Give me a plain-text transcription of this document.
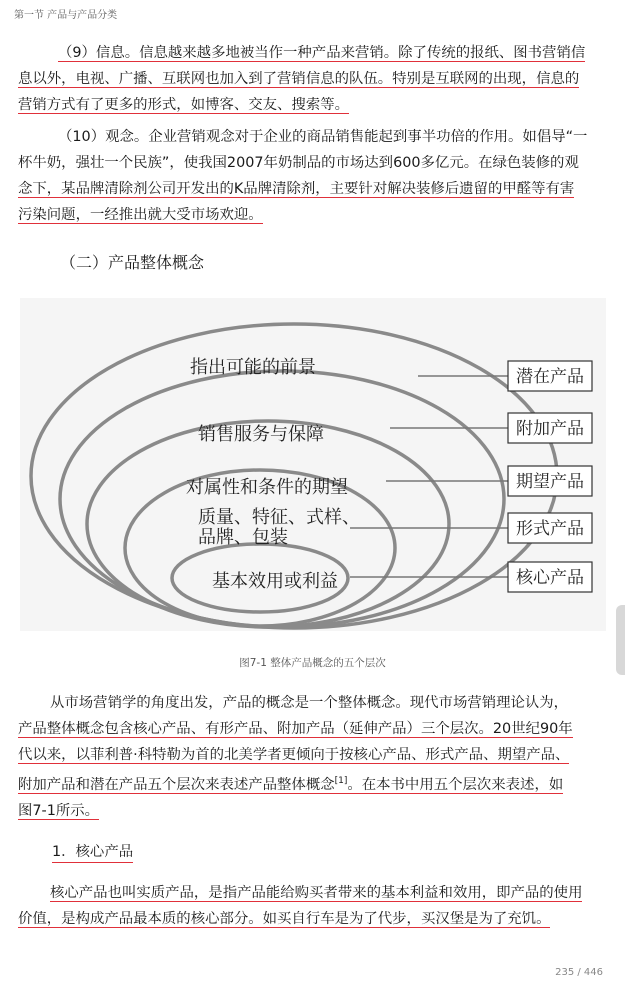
第一节 产品与产品分类
（9）信息。信息越来越多地被当作一种产品来营销。除了传统的报纸、图书营销信
息以外，电视、广播、互联网也加入到了营销信息的队伍。特别是互联网的出现，信息的
营销方式有了更多的形式，如博客、交友、搜索等。
（10）观念。企业营销观念对于企业的商品销售能起到事半功倍的作用。如倡导“一
杯牛奶，强壮一个民族”，使我国2007年奶制品的市场达到600多亿元。在绿色装修的观
念下，某品牌清除剂公司开发出的K品牌清除剂，主要针对解决装修后遗留的甲醛等有害
污染问题，一经推出就大受市场欢迎。
（二）产品整体概念
潜在产品
附加产品
期望产品
形式产品
核心产品
指出可能的前景
销售服务与保障
对属性和条件的期望
质量、特征、式样、
品牌、包装
基本效用或利益
图7-1 整体产品概念的五个层次
从市场营销学的角度出发，产品的概念是一个整体概念。现代市场营销理论认为，
产品整体概念包含核心产品、有形产品、附加产品（延伸产品）三个层次。20世纪90年
代以来，以菲利普·科特勒为首的北美学者更倾向于按核心产品、形式产品、期望产品、
附加产品和潜在产品五个层次来表述产品整体概念[1]。在本书中用五个层次来表述，如
图7-1所示。
1．核心产品
核心产品也叫实质产品，是指产品能给购买者带来的基本利益和效用，即产品的使用
价值，是构成产品最本质的核心部分。如买自行车是为了代步，买汉堡是为了充饥。
235 / 446
